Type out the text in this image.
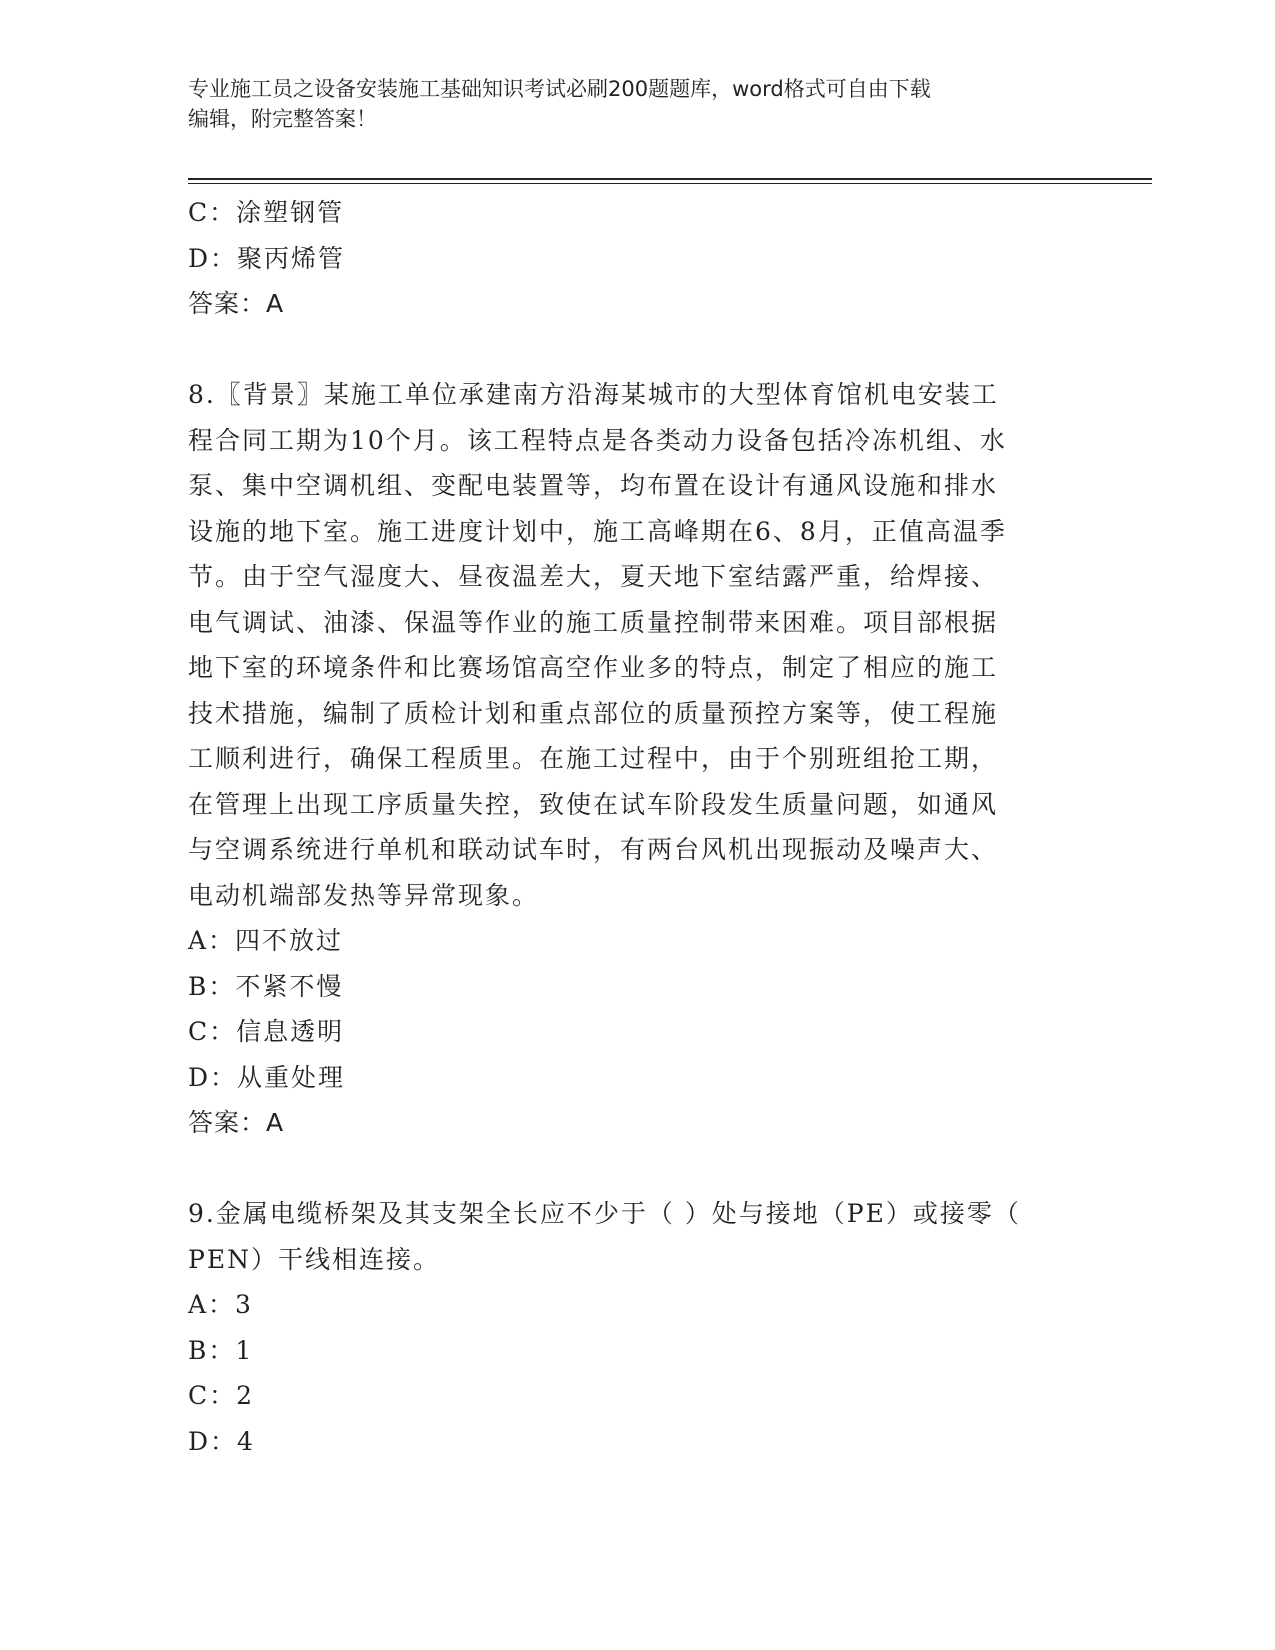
专业施工员之设备安装施工基础知识考试必刷200题题库，word格式可自由下载
编辑，附完整答案！
C：涂塑钢管
D：聚丙烯管
答案：A
8.〖背景〗某施工单位承建南方沿海某城市的大型体育馆机电安装工
程合同工期为10个月。该工程特点是各类动力设备包括冷冻机组、水
泵、集中空调机组、变配电装置等，均布置在设计有通风设施和排水
设施的地下室。施工进度计划中，施工高峰期在6、8月，正值高温季
节。由于空气湿度大、昼夜温差大，夏天地下室结露严重，给焊接、
电气调试、油漆、保温等作业的施工质量控制带来困难。项目部根据
地下室的环境条件和比赛场馆高空作业多的特点，制定了相应的施工
技术措施，编制了质检计划和重点部位的质量预控方案等，使工程施
工顺利进行，确保工程质里。在施工过程中，由于个别班组抢工期，
在管理上出现工序质量失控，致使在试车阶段发生质量问题，如通风
与空调系统进行单机和联动试车时，有两台风机出现振动及噪声大、
电动机端部发热等异常现象。
A：四不放过
B：不紧不慢
C：信息透明
D：从重处理
答案：A
9.金属电缆桥架及其支架全长应不少于（ ）处与接地（PE）或接零（
PEN）干线相连接。
A：3
B：1
C：2
D：4
